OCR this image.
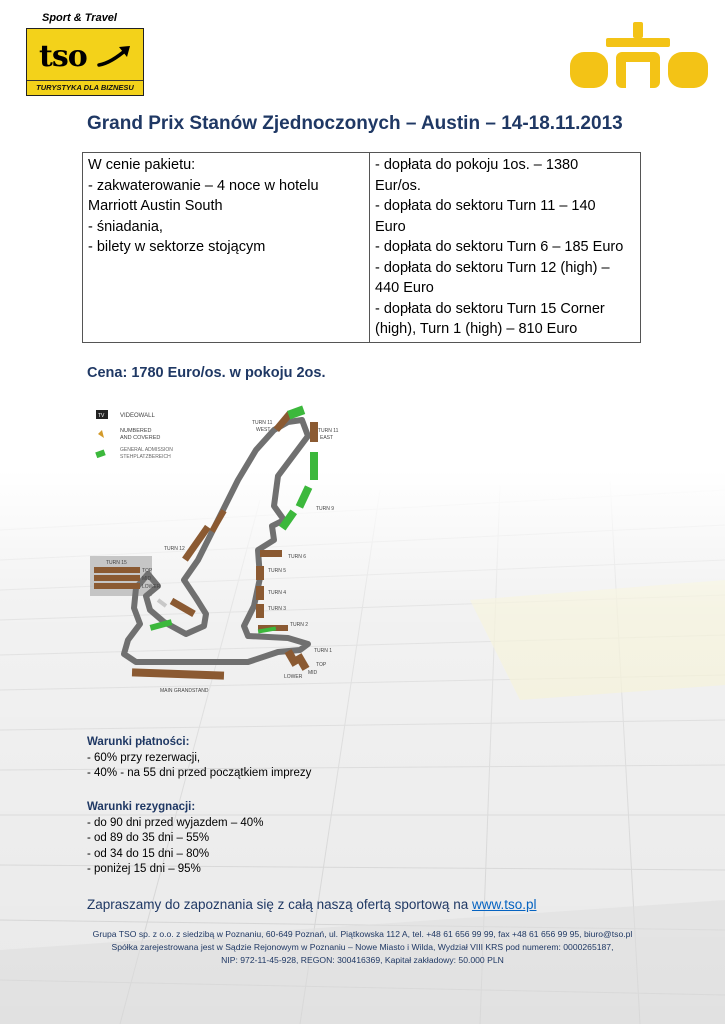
Sport & Travel
tso
TURYSTYKA DLA BIZNESU
Grand Prix Stanów Zjednoczonych – Austin – 14-18.11.2013
W cenie pakietu:
- zakwaterowanie – 4 noce w hotelu
Marriott Austin South
- śniadania,
- bilety w sektorze stojącym

- dopłata do pokoju 1os. – 1380
Eur/os.
- dopłata do sektoru Turn 11 – 140
Euro
- dopłata do sektoru Turn 6 – 185 Euro
- dopłata do sektoru Turn 12 (high) –
440 Euro
- dopłata do sektoru Turn 15 Corner
(high), Turn 1 (high) – 810 Euro
Cena: 1780 Euro/os. w pokoju 2os.
TV	VIDEOWALL
NUMBERED
AND COVERED
GENERAL ADMISSION
STEHPLATZBEREICH
TURN 11
WEST	TURN 11
EAST
TURN 9
TURN 12
TURN 6
TURN 5
TURN 4
TURN 3
TURN 2
TURN 1
TURN 15
TOP
MID
LOWER
TOP
MID
LOWER
MAIN GRANDSTAND
Warunki płatności:
- 60% przy rezerwacji,
- 40% - na 55 dni przed początkiem imprezy
Warunki rezygnacji:
- do 90 dni przed wyjazdem – 40%
- od 89 do 35 dni – 55%
- od 34 do 15 dni – 80%
- poniżej 15 dni – 95%
Zapraszamy do zapoznania się z całą naszą ofertą sportową na www.tso.pl
Grupa TSO sp. z o.o. z siedzibą w Poznaniu, 60-649 Poznań, ul. Piątkowska 112 A, tel. +48 61 656 99 99, fax +48 61 656 99 95, biuro@tso.pl
Spółka zarejestrowana jest w Sądzie Rejonowym w Poznaniu – Nowe Miasto i Wilda, Wydział VIII KRS pod numerem: 0000265187,
NIP: 972-11-45-928, REGON: 300416369, Kapitał zakładowy: 50.000 PLN
